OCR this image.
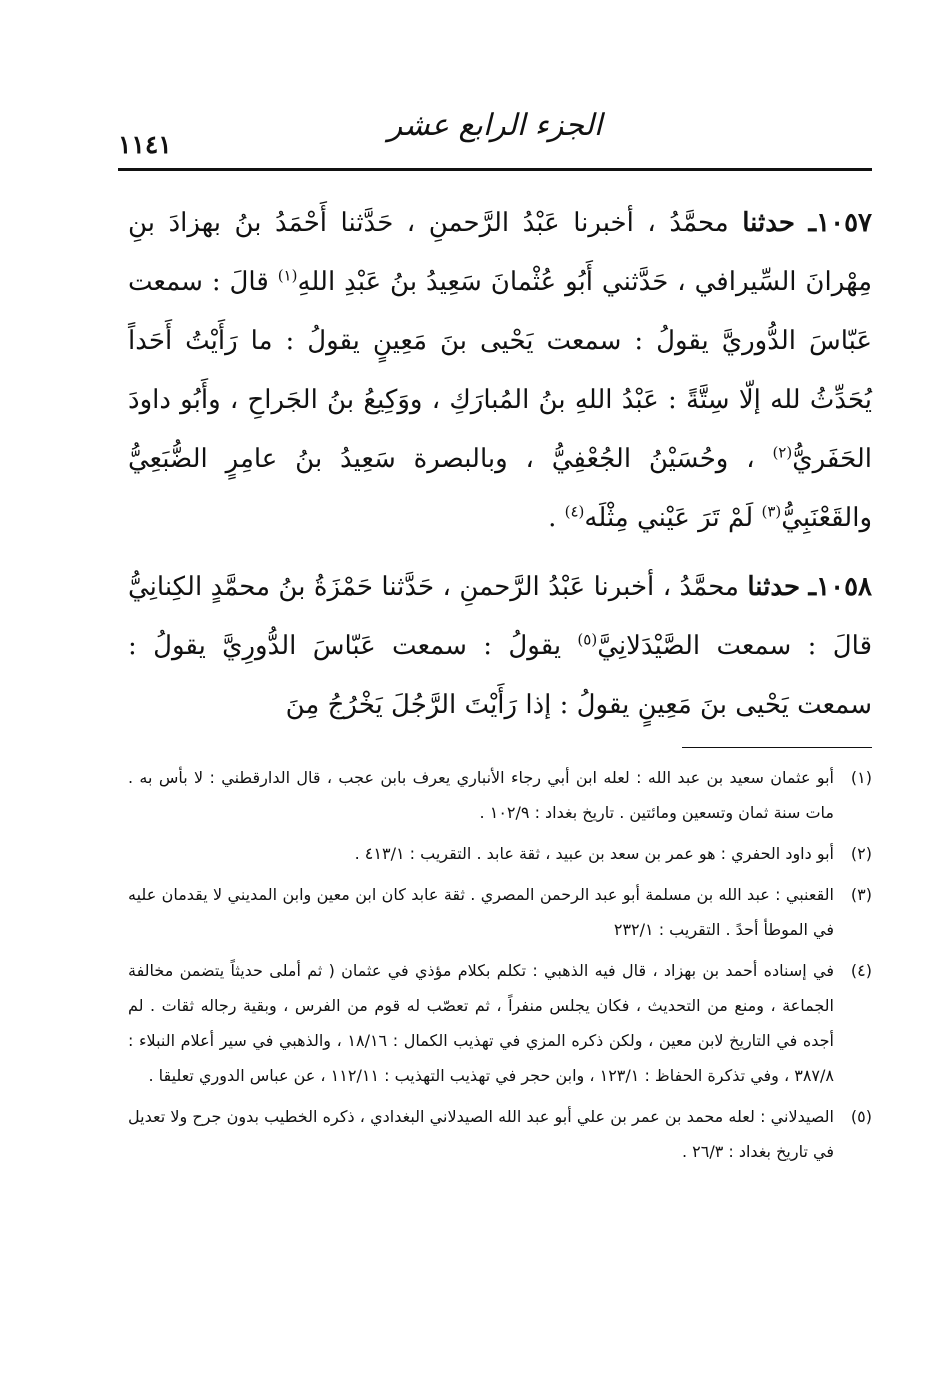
الجزء الرابع عشر
١١٤١

١٠٥٧ـ حدثنا محمَّدُ ، أخبرنا عَبْدُ الرَّحمنِ ، حَدَّثنا أَحْمَدُ بنُ بهزادَ بنِ مِهْرانَ السِّيرافي ، حَدَّثني أَبُو عُثْمانَ سَعِيدُ بنُ عَبْدِ اللهِ$^{(١)}$ قالَ : سمعت عَبّاسَ الدُّوريَّ يقولُ : سمعت يَحْيى بنَ مَعِينٍ يقولُ : ما رَأَيْتُ أَحَداً يُحَدِّثُ لله إلّا سِتَّةً : عَبْدُ اللهِ بنُ المُبارَكِ ، ووَكِيعُ بنُ الجَراحِ ، وأَبُو داودَ الحَفَريُّ$^{(٢)}$ ، وحُسَيْنُ الجُعْفِيُّ ، وبالبصرة سَعِيدُ بنُ عامِرٍ الضُّبَعِيُّ والقَعْنَبِيُّ$^{(٣)}$ لَمْ تَرَ عَيْني مِثْلَه$^{(٤)}$ .

١٠٥٨ـ حدثنا محمَّدُ ، أخبرنا عَبْدُ الرَّحمنِ ، حَدَّثنا حَمْزَةُ بنُ محمَّدٍ الكِنانِيُّ قالَ : سمعت الصَّيْدَلانِيَّ$^{(٥)}$ يقولُ : سمعت عَبّاسَ الدُّورِيَّ يقولُ : سمعت يَحْيى بنَ مَعِينٍ يقولُ : إذا رَأَيْتَ الرَّجُلَ يَخْرُجُ مِنَ

(١)
أبو عثمان سعيد بن عبد الله : لعله ابن أبي رجاء الأنباري يعرف بابن عجب ، قال الدارقطني : لا بأس به . مات سنة ثمان وتسعين ومائتين . تاريخ بغداد : ١٠٢/٩ .
(٢)
أبو داود الحفري : هو عمر بن سعد بن عبيد ، ثقة عابد . التقريب : ٤١٣/١ .
(٣)
القعنبي : عبد الله بن مسلمة أبو عبد الرحمن المصري . ثقة عابد كان ابن معين وابن المديني لا يقدمان عليه في الموطأ أحدً . التقريب : ٢٣٢/١
(٤)
في إسناده أحمد بن بهزاد ، قال فيه الذهبي : تكلم بكلام مؤذي في عثمان ( ثم أملى حديثاً يتضمن مخالفة الجماعة ، ومنع من التحديث ، فكان يجلس منفراً ، ثم تعصّب له قوم من الفرس ، وبقية رجاله ثقات . لم أجده في التاريخ لابن معين ، ولكن ذكره المزي في تهذيب الكمال : ١٨/١٦ ، والذهبي في سير أعلام النبلاء : ٣٨٧/٨ ، وفي تذكرة الحفاظ : ١٢٣/١ ، وابن حجر في تهذيب التهذيب : ١١٢/١١ ، عن عباس الدوري تعليقا .
(٥)
الصيدلاني : لعله محمد بن عمر بن علي أبو عبد الله الصيدلاني البغدادي ، ذكره الخطيب بدون جرح ولا تعديل في تاريخ بغداد : ٢٦/٣ .
